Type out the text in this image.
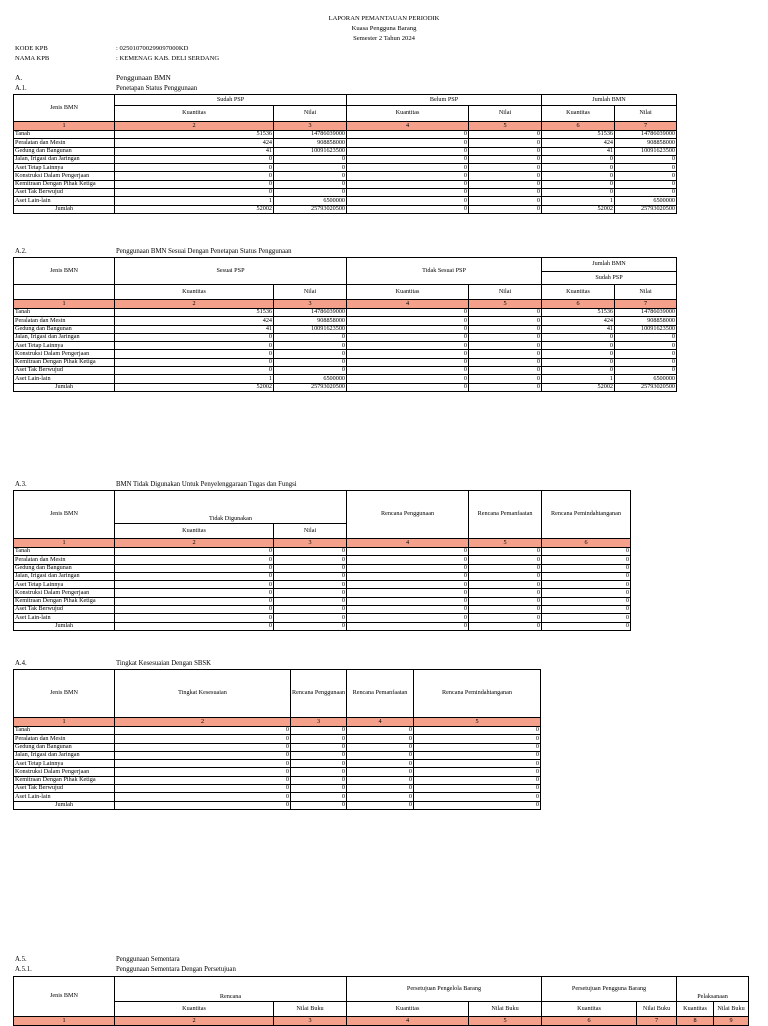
LAPORAN PEMANTAUAN PERIODIK
Kuasa Pengguna Barang
Semester 2 Tahun 2024
KODE KPB	: 025010700299097000KD
NAMA KPB	: KEMENAG KAB. DELI SERDANG
A.	Penggunaan BMN
A.1.	Penetapan Status Penggunaan
Jenis BMN	Sudah PSP		Belum PSP		Jumlah BMN	
	Kuantitas	Nilai	Kuantitas	Nilai	Kuantitas	Nilai
1	2	3	4	5	6	7
Tanah	51536	14786039000	0	0	51536	14786039000
Peralatan dan Mesin	424	908858000	0	0	424	908858000
Gedung dan Bangunan	41	10091623500	0	0	41	10091623500
Jalan, Irigasi dan Jaringan	0	0	0	0	0	0
Aset Tetap Lainnya	0	0	0	0	0	0
Konstruksi Dalam Pengerjaan	0	0	0	0	0	0
Kemitraan Dengan Pihak Ketiga	0	0	0	0	0	0
Aset Tak Berwujud	0	0	0	0	0	0
Aset Lain-lain	1	6500000	0	0	1	6500000
Jumlah	52002	25793020500	0	0	52002	25793020500
A.2.	Penggunaan BMN Sesuai Dengan Penetapan Status Penggunaan
Jenis BMN	Sesuai PSP		Tidak Sesuai PSP		Jumlah BMN	
					Sudah PSP	
	Kuantitas	Nilai	Kuantitas	Nilai	Kuantitas	Nilai
1	2	3	4	5	6	7
Tanah	51536	14786039000	0	0	51536	14786039000
Peralatan dan Mesin	424	908858000	0	0	424	908858000
Gedung dan Bangunan	41	10091623500	0	0	41	10091623500
Jalan, Irigasi dan Jaringan	0	0	0	0	0	0
Aset Tetap Lainnya	0	0	0	0	0	0
Konstruksi Dalam Pengerjaan	0	0	0	0	0	0
Kemitraan Dengan Pihak Ketiga	0	0	0	0	0	0
Aset Tak Berwujud	0	0	0	0	0	0
Aset Lain-lain	1	6500000	0	0	1	6500000
Jumlah	52002	25793020500	0	0	52002	25793020500
A.3.	BMN Tidak Digunakan Untuk Penyelenggaraan Tugas dan Fungsi
Jenis BMN	Tidak Digunakan		Rencana Penggunaan	Rencana Pemanfaatan	Rencana Pemindahtanganan
	Kuantitas	Nilai			
1	2	3	4	5	6
Tanah	0	0	0	0	0
Peralatan dan Mesin	0	0	0	0	0
Gedung dan Bangunan	0	0	0	0	0
Jalan, Irigasi dan Jaringan	0	0	0	0	0
Aset Tetap Lainnya	0	0	0	0	0
Konstruksi Dalam Pengerjaan	0	0	0	0	0
Kemitraan Dengan Pihak Ketiga	0	0	0	0	0
Aset Tak Berwujud	0	0	0	0	0
Aset Lain-lain	0	0	0	0	0
Jumlah	0	0	0	0	0
A.4.	Tingkat Kesesuaian Dengan SBSK
Jenis BMN	Tingkat Kesesuaian	Rencana Penggunaan	Rencana Pemanfaatan	Rencana Pemindahtanganan
1	2	3	4	5
Tanah	0	0	0	0
Peralatan dan Mesin	0	0	0	0
Gedung dan Bangunan	0	0	0	0
Jalan, Irigasi dan Jaringan	0	0	0	0
Aset Tetap Lainnya	0	0	0	0
Konstruksi Dalam Pengerjaan	0	0	0	0
Kemitraan Dengan Pihak Ketiga	0	0	0	0
Aset Tak Berwujud	0	0	0	0
Aset Lain-lain	0	0	0	0
Jumlah	0	0	0	0
A.5.	Penggunaan Sementara
A.5.1.	Penggunaan Sementara Dengan Persetujuan
Jenis BMN	Rencana		Persetujuan Pengelola Barang		Persetujuan Pengguna Barang		Pelaksanaan	
	Kuantitas	Nilai Buku	Kuantitas	Nilai Buku	Kuantitas	Nilai Buku	Kuantitas	Nilai Buku
1	2	3	4	5	6	7	8	9
